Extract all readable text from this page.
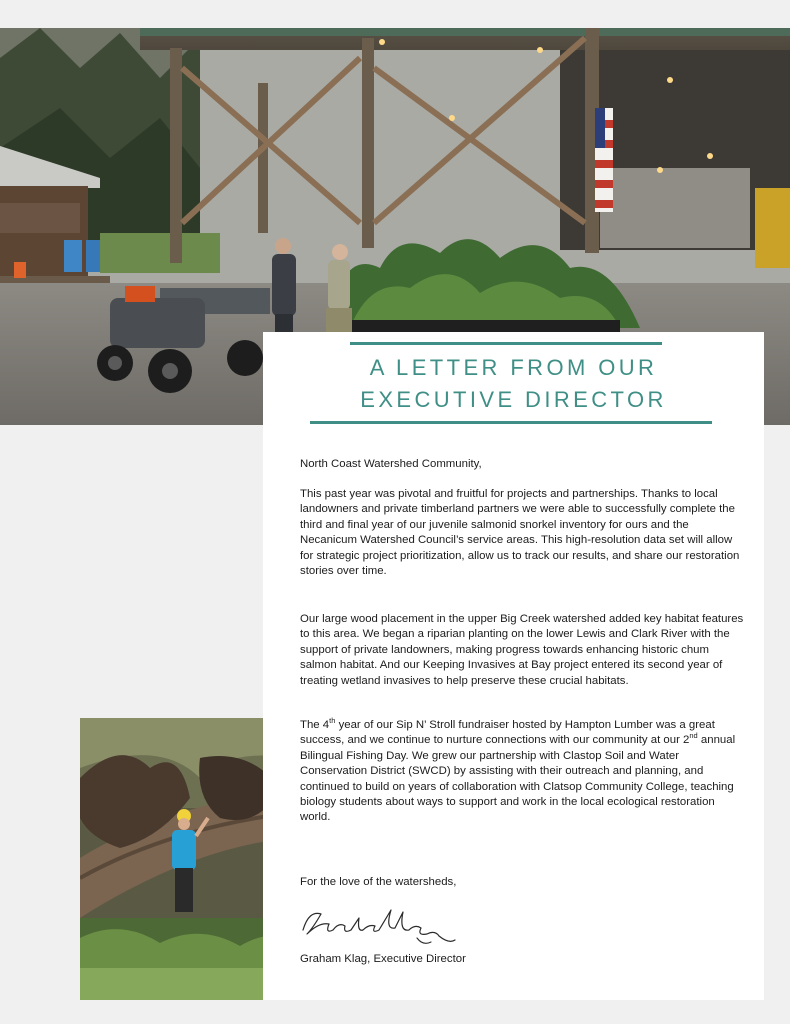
A LETTER FROM OUR
EXECUTIVE DIRECTOR

North Coast Watershed Community,

This past year was pivotal and fruitful for projects and partnerships. Thanks to local landowners and private timberland partners we were able to successfully complete the third and final year of our juvenile salmonid snorkel inventory for ours and the Necanicum Watershed Council’s service areas. This high-resolution data set will allow for strategic project prioritization, allow us to track our results, and share our restoration stories over time.

Our large wood placement in the upper Big Creek watershed added key habitat features to this area. We began a riparian planting on the lower Lewis and Clark River with the support of private landowners, making progress towards enhancing historic chum salmon habitat. And our Keeping Invasives at Bay project entered its second year of treating wetland invasives to help preserve these crucial habitats.

The 4th year of our Sip N’ Stroll fundraiser hosted by Hampton Lumber was a great success, and we continue to nurture connections with our community at our 2nd annual Bilingual Fishing Day. We grew our partnership with Clastop Soil and Water Conservation District (SWCD) by assisting with their outreach and planning, and continued to build on years of collaboration with Clatsop Community College, teaching biology students about ways to support and work in the local ecological restoration world.

For the love of the watersheds,

Graham Klag, Executive Director
